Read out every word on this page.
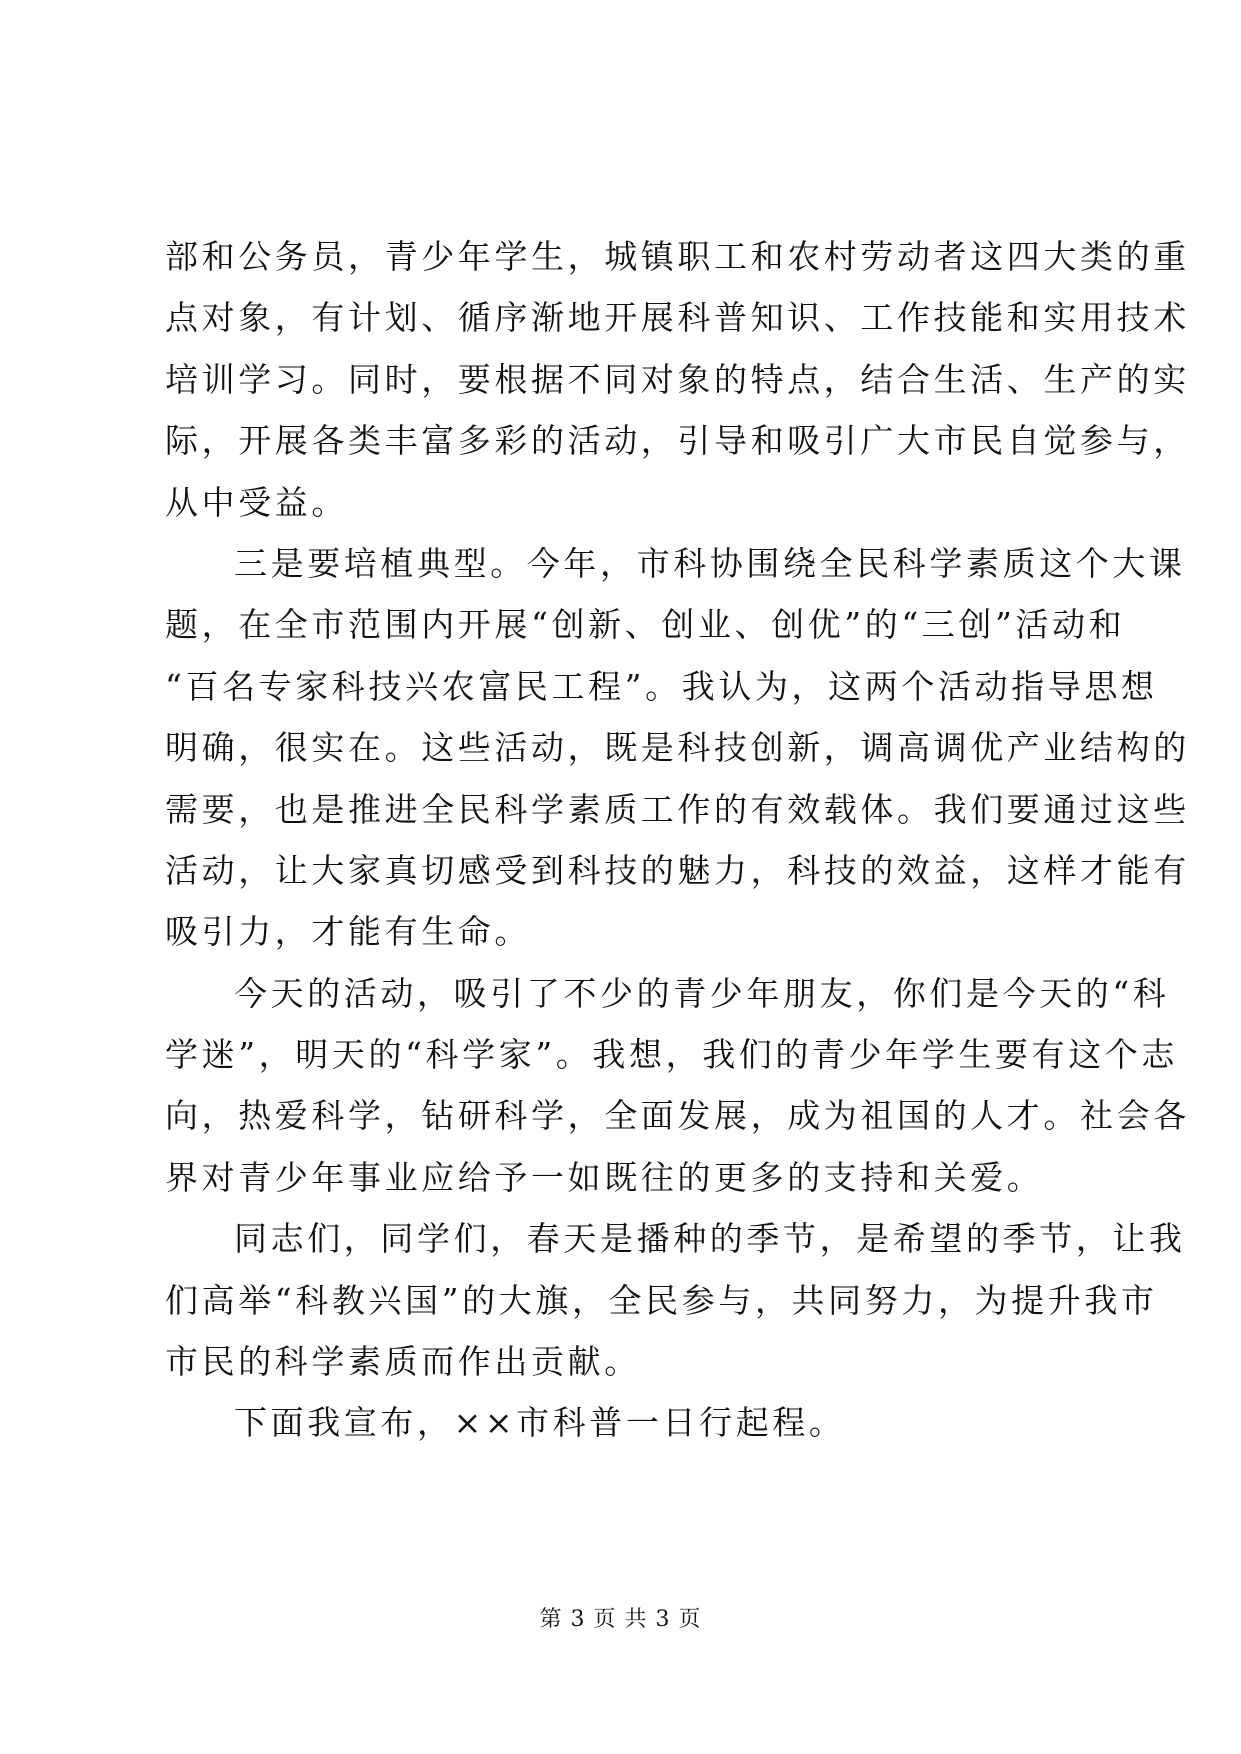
部和公务员，青少年学生，城镇职工和农村劳动者这四大类的重
点对象，有计划、循序渐地开展科普知识、工作技能和实用技术
培训学习。同时，要根据不同对象的特点，结合生活、生产的实
际，开展各类丰富多彩的活动，引导和吸引广大市民自觉参与，
从中受益。
三是要培植典型。今年，市科协围绕全民科学素质这个大课
题，在全市范围内开展“创新、创业、创优”的“三创”活动和
“百名专家科技兴农富民工程”。我认为，这两个活动指导思想
明确，很实在。这些活动，既是科技创新，调高调优产业结构的
需要，也是推进全民科学素质工作的有效载体。我们要通过这些
活动，让大家真切感受到科技的魅力，科技的效益，这样才能有
吸引力，才能有生命。
今天的活动，吸引了不少的青少年朋友，你们是今天的“科
学迷”，明天的“科学家”。我想，我们的青少年学生要有这个志
向，热爱科学，钻研科学，全面发展，成为祖国的人才。社会各
界对青少年事业应给予一如既往的更多的支持和关爱。
同志们，同学们，春天是播种的季节，是希望的季节，让我
们高举“科教兴国”的大旗，全民参与，共同努力，为提升我市
市民的科学素质而作出贡献。
下面我宣布，××市科普一日行起程。
第 3 页 共 3 页
